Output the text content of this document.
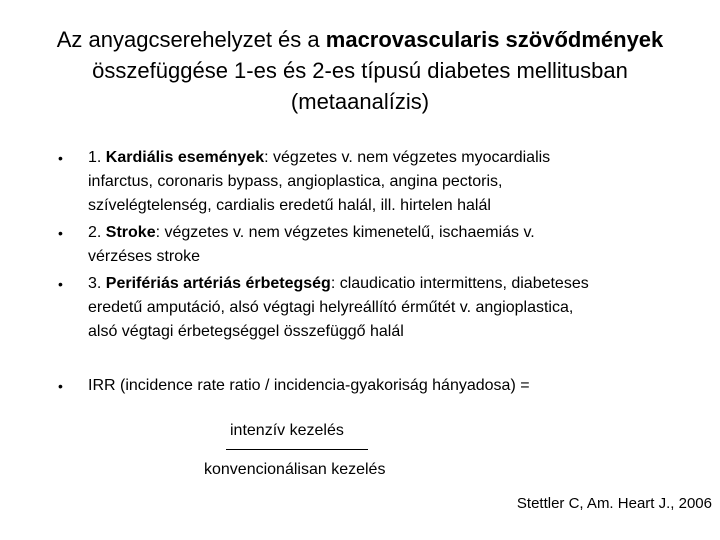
Az anyagcserehelyzet és a macrovascularis szövődmények
összefüggése 1-es és 2-es típusú diabetes mellitusban
(metaanalízis)
• 1. Kardiális események: végzetes v. nem végzetes myocardialis
infarctus, coronaris bypass, angioplastica, angina pectoris,
szívelégtelenség, cardialis eredetű halál, ill. hirtelen halál
• 2. Stroke: végzetes v. nem végzetes kimenetelű, ischaemiás v.
vérzéses stroke
• 3. Perifériás artériás érbetegség: claudicatio intermittens, diabeteses
eredetű amputáció, alsó végtagi helyreállító érműtét v. angioplastica,
alsó végtagi érbetegséggel összefüggő halál
• IRR (incidence rate ratio / incidencia-gyakoriság hányadosa) =
intenzív kezelés
konvencionálisan kezelés
Stettler C, Am. Heart J., 2006
